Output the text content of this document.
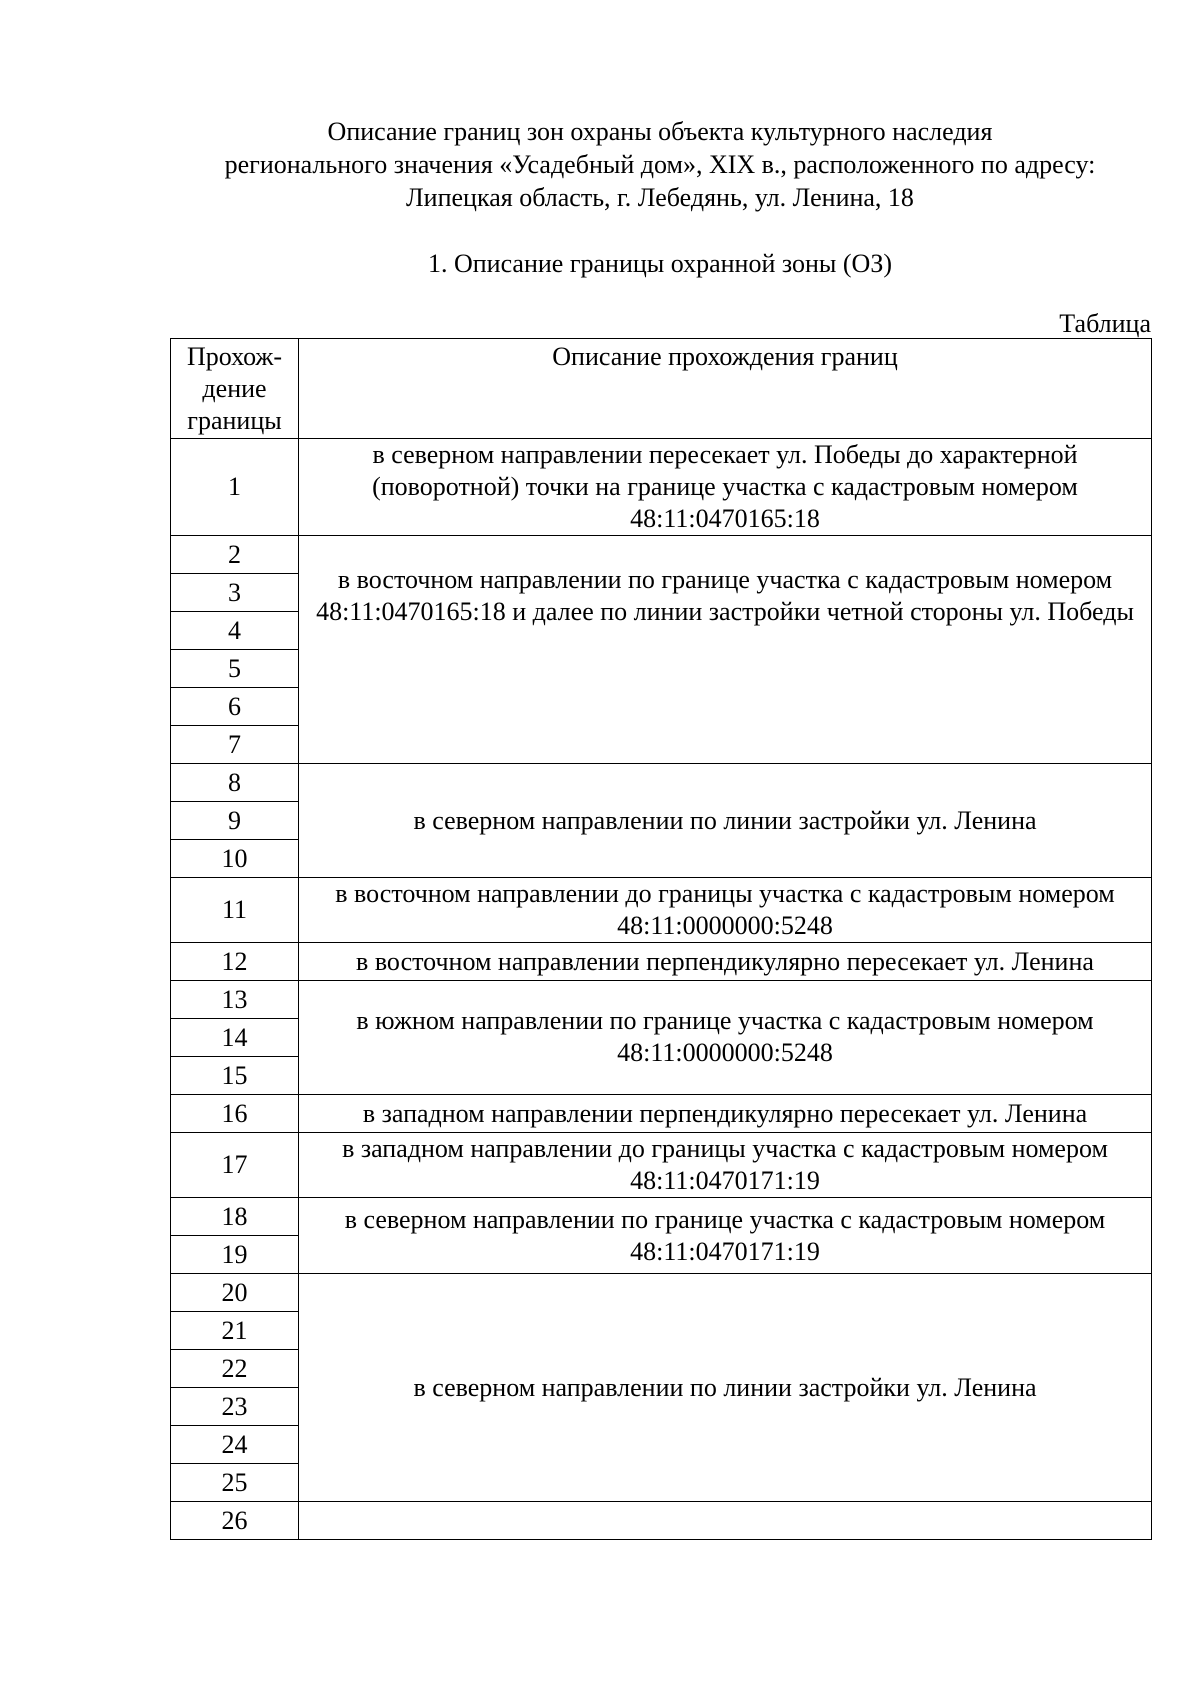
Описание границ зон охраны объекта культурного наследия

регионального значения «Усадебный дом», XIX в., расположенного по адресу:

Липецкая область, г. Лебедянь, ул. Ленина, 18

1. Описание границы охранной зоны (ОЗ)

Таблица
Прохож-дение границы	Описание прохождения границ
1	в северном направлении пересекает ул. Победы до характерной (поворотной) точки на границе участка с кадастровым номером 48:11:0470165:18
2	в восточном направлении по границе участка с кадастровым номером 48:11:0470165:18 и далее по линии застройки четной стороны ул. Победы
3	
4	
5	
6	
7	
8	в северном направлении по линии застройки ул. Ленина
9	
10	
11	в восточном направлении до границы участка с кадастровым номером 48:11:0000000:5248
12	в восточном направлении перпендикулярно пересекает ул. Ленина
13	в южном направлении по границе участка с кадастровым номером 48:11:0000000:5248
14	
15	
16	в западном направлении перпендикулярно пересекает ул. Ленина
17	в западном направлении до границы участка с кадастровым номером 48:11:0470171:19
18	в северном направлении по границе участка с кадастровым номером 48:11:0470171:19
19	
20	в северном направлении по линии застройки ул. Ленина
21	
22	
23	
24	
25	
26	
